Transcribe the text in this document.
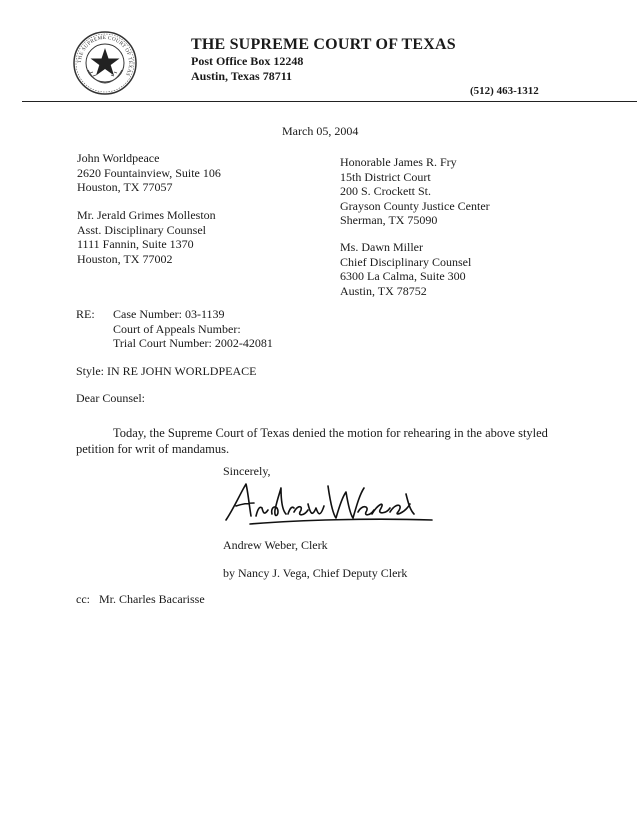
THE SUPREME COURT OF TEXAS
THE SUPREME COURT OF TEXAS
Post Office Box 12248
Austin, Texas 78711
(512) 463-1312
March 05, 2004
John Worldpeace
2620 Fountainview, Suite 106
Houston, TX 77057
Mr. Jerald Grimes Molleston
Asst. Disciplinary Counsel
1111 Fannin, Suite 1370
Houston, TX 77002
Honorable James R. Fry
15th District Court
200 S. Crockett St.
Grayson County Justice Center
Sherman, TX 75090
Ms. Dawn Miller
Chief Disciplinary Counsel
6300 La Calma, Suite 300
Austin, TX 78752
RE: Case Number: 03-1139
Court of Appeals Number:
Trial Court Number: 2002-42081
Style: IN RE JOHN WORLDPEACE
Dear Counsel:
Today, the Supreme Court of Texas denied the motion for rehearing in the above styled
petition for writ of mandamus.
Sincerely,
Andrew Weber, Clerk
by Nancy J. Vega, Chief Deputy Clerk
cc: Mr. Charles Bacarisse
